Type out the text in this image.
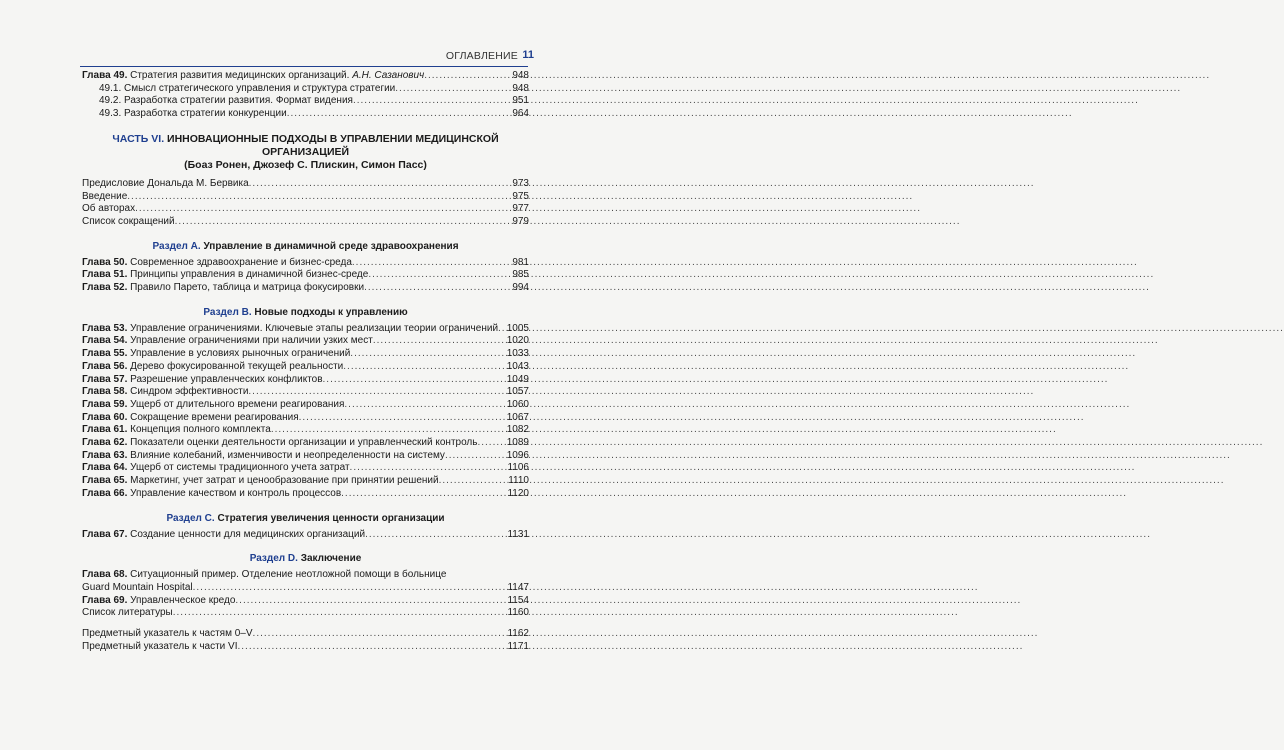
ОГЛАВЛЕНИЕ 11
Глава 49. Стратегия развития медицинских организаций. А.Н. Сазанович .....	948
49.1. Смысл стратегического управления и структура стратегии .....	948
49.2. Разработка стратегии развития. Формат видения .....	951
49.3. Разработка стратегии конкуренции .....	964
ЧАСТЬ VI. ИННОВАЦИОННЫЕ ПОДХОДЫ В УПРАВЛЕНИИ МЕДИЦИНСКОЙ ОРГАНИЗАЦИЕЙ
(Боаз Ронен, Джозеф С. Плискин, Симон Пасс)
Предисловие Дональда М. Бервика .....	973
Введение .....	975
Об авторах .....	977
Список сокращений .....	979
Раздел А. Управление в динамичной среде здравоохранения
Глава 50. Современное здравоохранение и бизнес-среда .....	981
Глава 51. Принципы управления в динамичной бизнес-среде .....	985
Глава 52. Правило Парето, таблица и матрица фокусировки .....	994
Раздел В. Новые подходы к управлению
Глава 53. Управление ограничениями. Ключевые этапы реализации теории ограничений ..... 1005
Глава 54. Управление ограничениями при наличии узких мест .....	1020
Глава 55. Управление в условиях рыночных ограничений .....	1033
Глава 56. Дерево фокусированной текущей реальности .....	1043
Глава 57. Разрешение управленческих конфликтов .....	1049
Глава 58. Синдром эффективности .....	1057
Глава 59. Ущерб от длительного времени реагирования .....	1060
Глава 60. Сокращение времени реагирования .....	1067
Глава 61. Концепция полного комплекта .....	1082
Глава 62. Показатели оценки деятельности организации и управленческий контроль .....	1089
Глава 63. Влияние колебаний, изменчивости и неопределенности на систему .....	1096
Глава 64. Ущерб от системы традиционного учета затрат .....	1106
Глава 65. Маркетинг, учет затрат и ценообразование при принятии решений .....	1110
Глава 66. Управление качеством и контроль процессов .....	1120
Раздел С. Стратегия увеличения ценности организации
Глава 67. Создание ценности для медицинских организаций .....	1131
Раздел D. Заключение
Глава 68. Ситуационный пример. Отделение неотложной помощи в больнице
Guard Mountain Hospital .....	1147
Глава 69. Управленческое кредо .....	1154
Список литературы .....	1160
Предметный указатель к частям 0–V .....	1162
Предметный указатель к части VI .....	1171
